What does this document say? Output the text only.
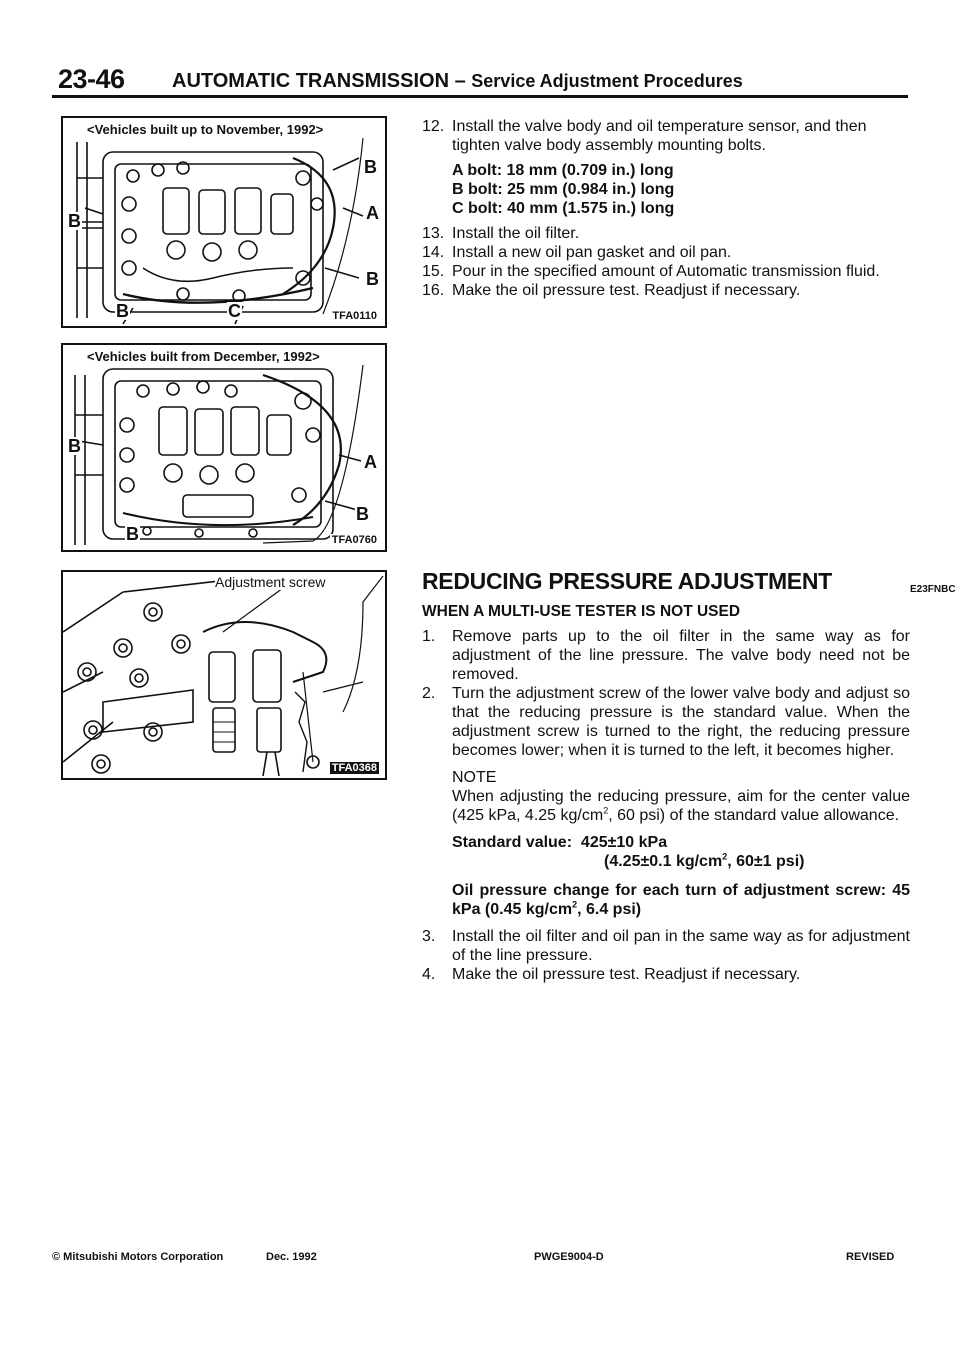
23-46 AUTOMATIC TRANSMISSION – Service Adjustment Procedures
<Vehicles built up to November, 1992>
B
A
B
B
B	C	TFA0110
<Vehicles built from December, 1992>
B
A
B
B	TFA0760
Adjustment screw
TFA0368
12. Install the valve body and oil temperature sensor, and then tighten valve body assembly mounting bolts.
A bolt: 18 mm (0.709 in.) long
B bolt: 25 mm (0.984 in.) long
C bolt: 40 mm (1.575 in.) long
13. Install the oil filter.
14. Install a new oil pan gasket and oil pan.
15. Pour in the specified amount of Automatic transmission fluid.
16. Make the oil pressure test. Readjust if necessary.
REDUCING PRESSURE ADJUSTMENT	E23FNBC
WHEN A MULTI-USE TESTER IS NOT USED
1. Remove parts up to the oil filter in the same way as for adjustment of the line pressure. The valve body need not be removed.
2. Turn the adjustment screw of the lower valve body and adjust so that the reducing pressure is the standard value. When the adjustment screw is turned to the right, the reducing pressure becomes lower; when it is turned to the left, it becomes higher.
NOTE
When adjusting the reducing pressure, aim for the center value (425 kPa, 4.25 $kg/cm^2$, 60 psi) of the standard value allowance.
Standard value: 425±10 kPa
(4.25±0.1 $kg/cm^2$, 60±1 psi)
Oil pressure change for each turn of adjustment screw: 45 kPa (0.45 $kg/cm^2$, 6.4 psi)
3. Install the oil filter and oil pan in the same way as for adjustment of the line pressure.
4. Make the oil pressure test. Readjust if necessary.
© Mitsubishi Motors Corporation	Dec. 1992	PWGE9004-D	REVISED
